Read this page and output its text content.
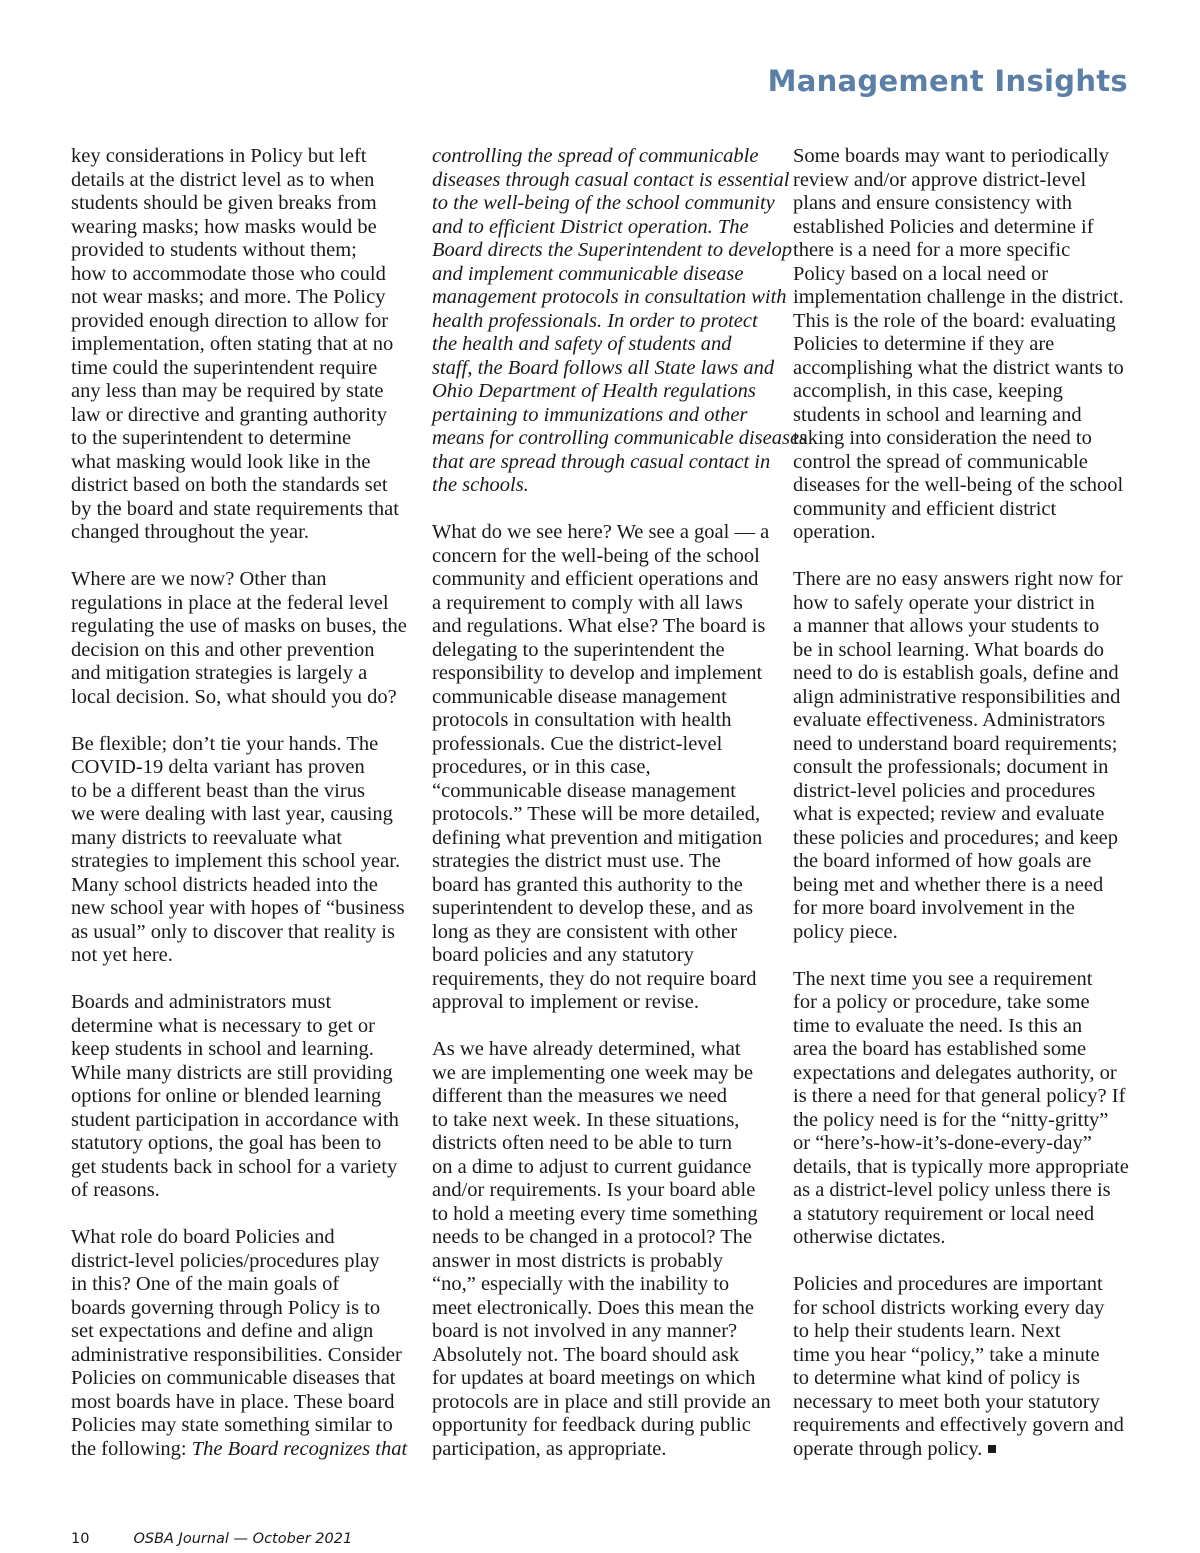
Management Insights
key considerations in Policy but left
details at the district level as to when
students should be given breaks from
wearing masks; how masks would be
provided to students without them;
how to accommodate those who could
not wear masks; and more. The Policy
provided enough direction to allow for
implementation, often stating that at no
time could the superintendent require
any less than may be required by state
law or directive and granting authority
to the superintendent to determine
what masking would look like in the
district based on both the standards set
by the board and state requirements that
changed throughout the year.
Where are we now? Other than
regulations in place at the federal level
regulating the use of masks on buses, the
decision on this and other prevention
and mitigation strategies is largely a
local decision. So, what should you do?
Be flexible; don’t tie your hands. The
COVID-19 delta variant has proven
to be a different beast than the virus
we were dealing with last year, causing
many districts to reevaluate what
strategies to implement this school year.
Many school districts headed into the
new school year with hopes of “business
as usual” only to discover that reality is
not yet here.
Boards and administrators must
determine what is necessary to get or
keep students in school and learning.
While many districts are still providing
options for online or blended learning
student participation in accordance with
statutory options, the goal has been to
get students back in school for a variety
of reasons.
What role do board Policies and
district-level policies/procedures play
in this? One of the main goals of
boards governing through Policy is to
set expectations and define and align
administrative responsibilities. Consider
Policies on communicable diseases that
most boards have in place. These board
Policies may state something similar to
the following: The Board recognizes that
controlling the spread of communicable
diseases through casual contact is essential
to the well-being of the school community
and to efficient District operation. The
Board directs the Superintendent to develop
and implement communicable disease
management protocols in consultation with
health professionals. In order to protect
the health and safety of students and
staff, the Board follows all State laws and
Ohio Department of Health regulations
pertaining to immunizations and other
means for controlling communicable diseases
that are spread through casual contact in
the schools.
What do we see here? We see a goal — a
concern for the well-being of the school
community and efficient operations and
a requirement to comply with all laws
and regulations. What else? The board is
delegating to the superintendent the
responsibility to develop and implement
communicable disease management
protocols in consultation with health
professionals. Cue the district-level
procedures, or in this case,
“communicable disease management
protocols.” These will be more detailed,
defining what prevention and mitigation
strategies the district must use. The
board has granted this authority to the
superintendent to develop these, and as
long as they are consistent with other
board policies and any statutory
requirements, they do not require board
approval to implement or revise.
As we have already determined, what
we are implementing one week may be
different than the measures we need
to take next week. In these situations,
districts often need to be able to turn
on a dime to adjust to current guidance
and/or requirements. Is your board able
to hold a meeting every time something
needs to be changed in a protocol? The
answer in most districts is probably
“no,” especially with the inability to
meet electronically. Does this mean the
board is not involved in any manner?
Absolutely not. The board should ask
for updates at board meetings on which
protocols are in place and still provide an
opportunity for feedback during public
participation, as appropriate.
Some boards may want to periodically
review and/or approve district-level
plans and ensure consistency with
established Policies and determine if
there is a need for a more specific
Policy based on a local need or
implementation challenge in the district.
This is the role of the board: evaluating
Policies to determine if they are
accomplishing what the district wants to
accomplish, in this case, keeping
students in school and learning and
taking into consideration the need to
control the spread of communicable
diseases for the well-being of the school
community and efficient district
operation.
There are no easy answers right now for
how to safely operate your district in
a manner that allows your students to
be in school learning. What boards do
need to do is establish goals, define and
align administrative responsibilities and
evaluate effectiveness. Administrators
need to understand board requirements;
consult the professionals; document in
district-level policies and procedures
what is expected; review and evaluate
these policies and procedures; and keep
the board informed of how goals are
being met and whether there is a need
for more board involvement in the
policy piece.
The next time you see a requirement
for a policy or procedure, take some
time to evaluate the need. Is this an
area the board has established some
expectations and delegates authority, or
is there a need for that general policy? If
the policy need is for the “nitty-gritty”
or “here’s-how-it’s-done-every-day”
details, that is typically more appropriate
as a district-level policy unless there is
a statutory requirement or local need
otherwise dictates.
Policies and procedures are important
for school districts working every day
to help their students learn. Next
time you hear “policy,” take a minute
to determine what kind of policy is
necessary to meet both your statutory
requirements and effectively govern and
operate through policy.
10	OSBA Journal — October 2021
